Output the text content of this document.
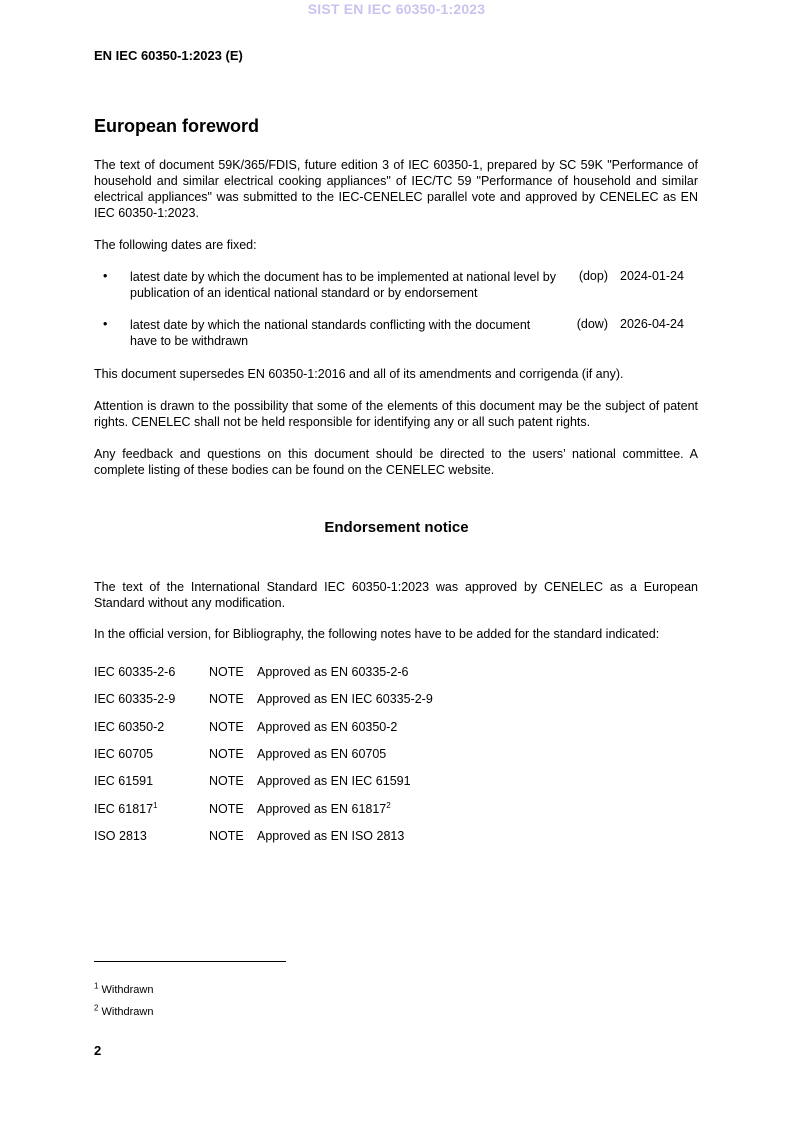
SIST EN IEC 60350-1:2023
EN IEC 60350-1:2023 (E)
European foreword

The text of document 59K/365/FDIS, future edition 3 of IEC 60350-1, prepared by SC 59K "Performance of household and similar electrical cooking appliances" of IEC/TC 59 "Performance of household and similar electrical appliances" was submitted to the IEC-CENELEC parallel vote and approved by CENELEC as EN IEC 60350-1:2023.

The following dates are fixed:

• latest date by which the document has to be implemented at national level by publication of an identical national standard or by endorsement
(dop) 2024-01-24
• latest date by which the national standards conflicting with the document have to be withdrawn
(dow) 2026-04-24

This document supersedes EN 60350-1:2016 and all of its amendments and corrigenda (if any).

Attention is drawn to the possibility that some of the elements of this document may be the subject of patent rights. CENELEC shall not be held responsible for identifying any or all such patent rights.

Any feedback and questions on this document should be directed to the users’ national committee. A complete listing of these bodies can be found on the CENELEC website.

Endorsement notice

The text of the International Standard IEC 60350-1:2023 was approved by CENELEC as a European Standard without any modification.

In the official version, for Bibliography, the following notes have to be added for the standard indicated:

IEC 60335-2-6	NOTE Approved as EN 60335-2-6
IEC 60335-2-9	NOTE Approved as EN IEC 60335-2-9
IEC 60350-2	NOTE Approved as EN 60350-2
IEC 60705	NOTE Approved as EN 60705
IEC 61591	NOTE Approved as EN IEC 61591
IEC 61817$^1$	NOTE Approved as EN 61817$^2$
ISO 2813	NOTE Approved as EN ISO 2813
$^1$ Withdrawn
$^2$ Withdrawn
2
